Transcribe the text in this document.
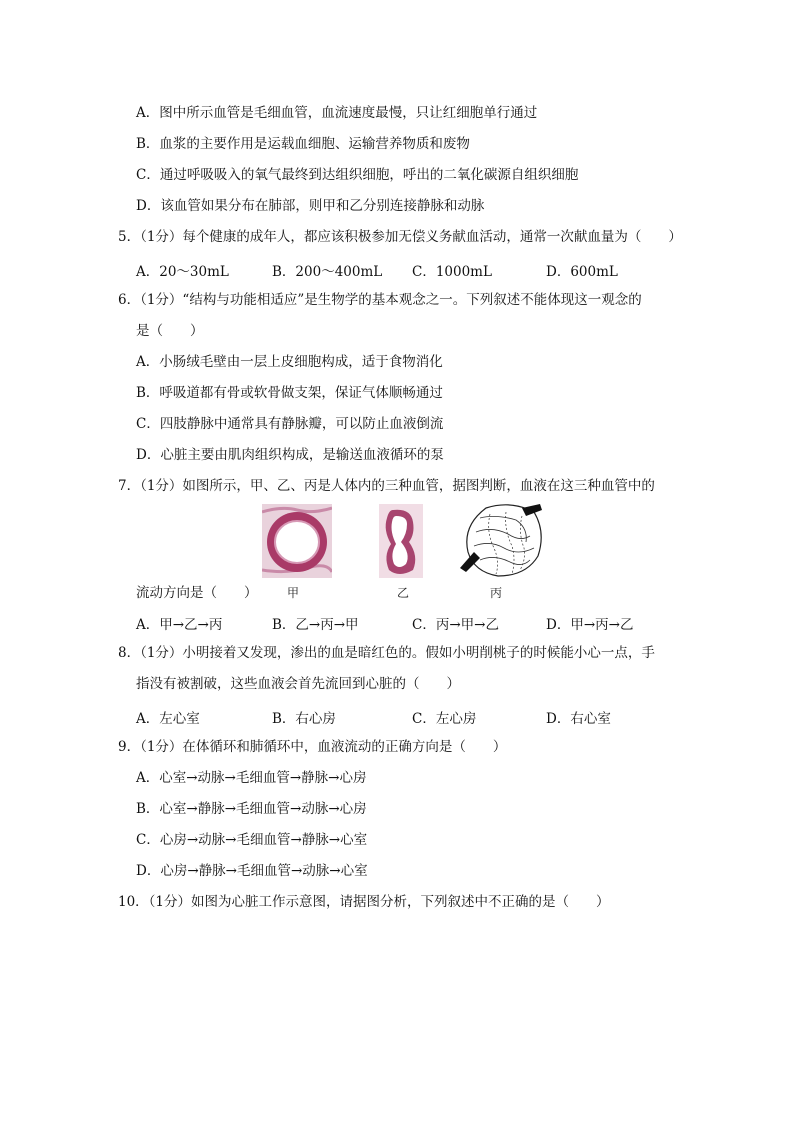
A．图中所示血管是毛细血管，血流速度最慢，只让红细胞单行通过
B．血浆的主要作用是运载血细胞、运输营养物质和废物
C．通过呼吸吸入的氧气最终到达组织细胞，呼出的二氧化碳源自组织细胞
D．该血管如果分布在肺部，则甲和乙分别连接静脉和动脉
5．（1分）每个健康的成年人，都应该积极参加无偿义务献血活动，通常一次献血量为（　　）
A．20～30mL	B．200～400mL C．1000mL	D．600mL
6．（1分）“结构与功能相适应”是生物学的基本观念之一。下列叙述不能体现这一观念的
是（　　）
A．小肠绒毛壁由一层上皮细胞构成，适于食物消化
B．呼吸道都有骨或软骨做支架，保证气体顺畅通过
C．四肢静脉中通常具有静脉瓣，可以防止血液倒流
D．心脏主要由肌肉组织构成，是输送血液循环的泵
7．（1分）如图所示，甲、乙、丙是人体内的三种血管，据图判断，血液在这三种血管中的
甲	乙	丙
流动方向是（　　）
A．甲→乙→丙	B．乙→丙→甲	C．丙→甲→乙	D．甲→丙→乙
8．（1分）小明接着又发现，渗出的血是暗红色的。假如小明削桃子的时候能小心一点，手
指没有被割破，这些血液会首先流回到心脏的（　　）
A．左心室	B．右心房	C．左心房	D．右心室
9．（1分）在体循环和肺循环中，血液流动的正确方向是（　　）
A．心室→动脉→毛细血管→静脉→心房
B．心室→静脉→毛细血管→动脉→心房
C．心房→动脉→毛细血管→静脉→心室
D．心房→静脉→毛细血管→动脉→心室
10．（1分）如图为心脏工作示意图，请据图分析，下列叙述中不正确的是（　　）
